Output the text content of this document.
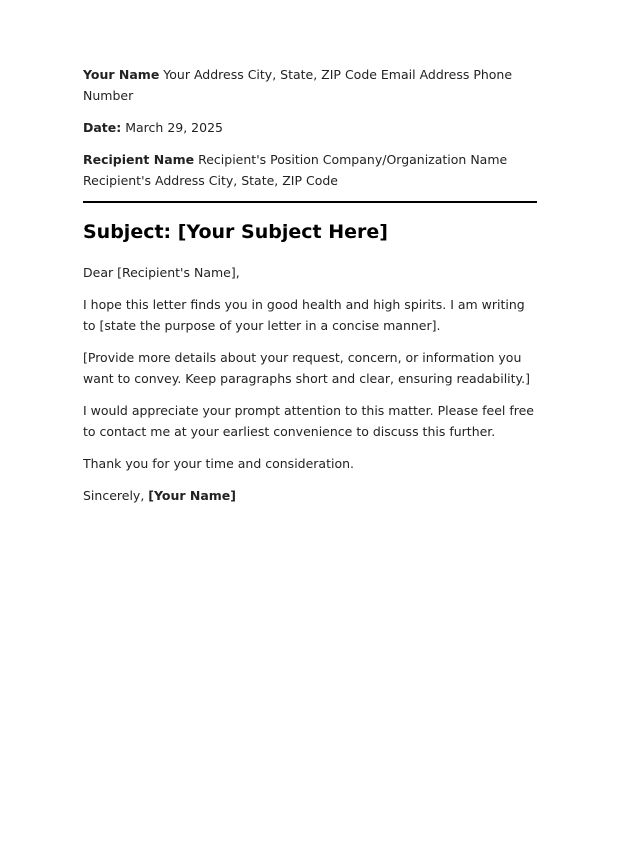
Your Name Your Address City, State, ZIP Code Email Address Phone Number

Date: March 29, 2025

Recipient Name Recipient's Position Company/Organization Name Recipient's Address City, State, ZIP Code

Subject: [Your Subject Here]

Dear [Recipient's Name],

I hope this letter finds you in good health and high spirits. I am writing to [state the purpose of your letter in a concise manner].

[Provide more details about your request, concern, or information you want to convey. Keep paragraphs short and clear, ensuring readability.]

I would appreciate your prompt attention to this matter. Please feel free to contact me at your earliest convenience to discuss this further.

Thank you for your time and consideration.

Sincerely, [Your Name]
